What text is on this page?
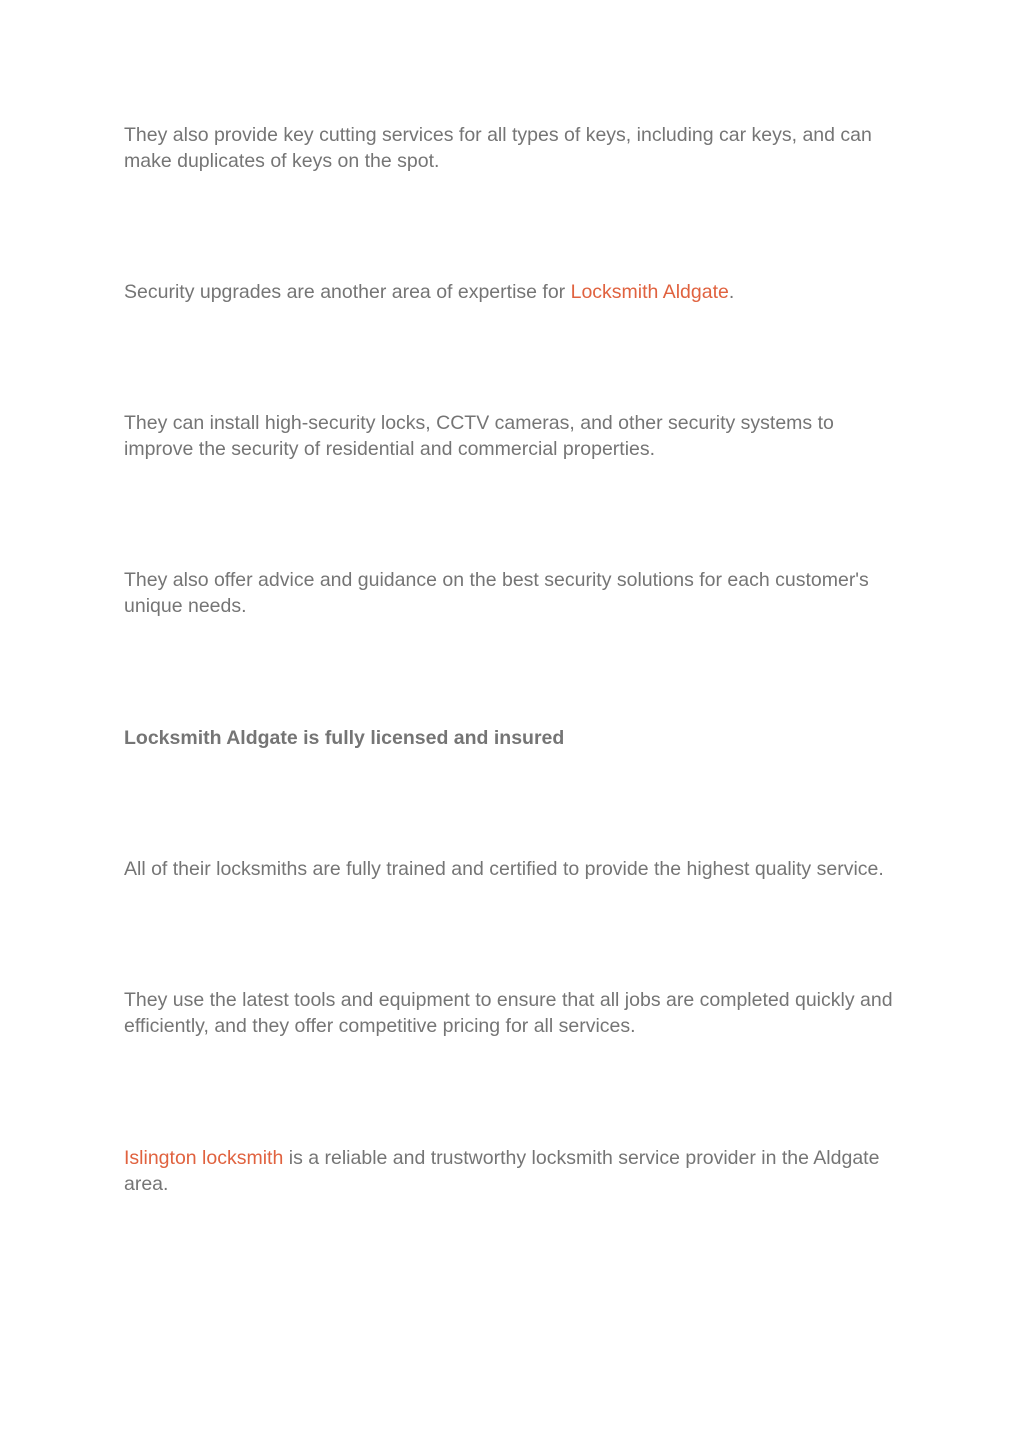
They also provide key cutting services for all types of keys, including car keys, and can make duplicates of keys on the spot.

Security upgrades are another area of expertise for Locksmith Aldgate.

They can install high-security locks, CCTV cameras, and other security systems to improve the security of residential and commercial properties.

They also offer advice and guidance on the best security solutions for each customer's unique needs.

Locksmith Aldgate is fully licensed and insured

All of their locksmiths are fully trained and certified to provide the highest quality service.

They use the latest tools and equipment to ensure that all jobs are completed quickly and efficiently, and they offer competitive pricing for all services.

Islington locksmith is a reliable and trustworthy locksmith service provider in the Aldgate area.
